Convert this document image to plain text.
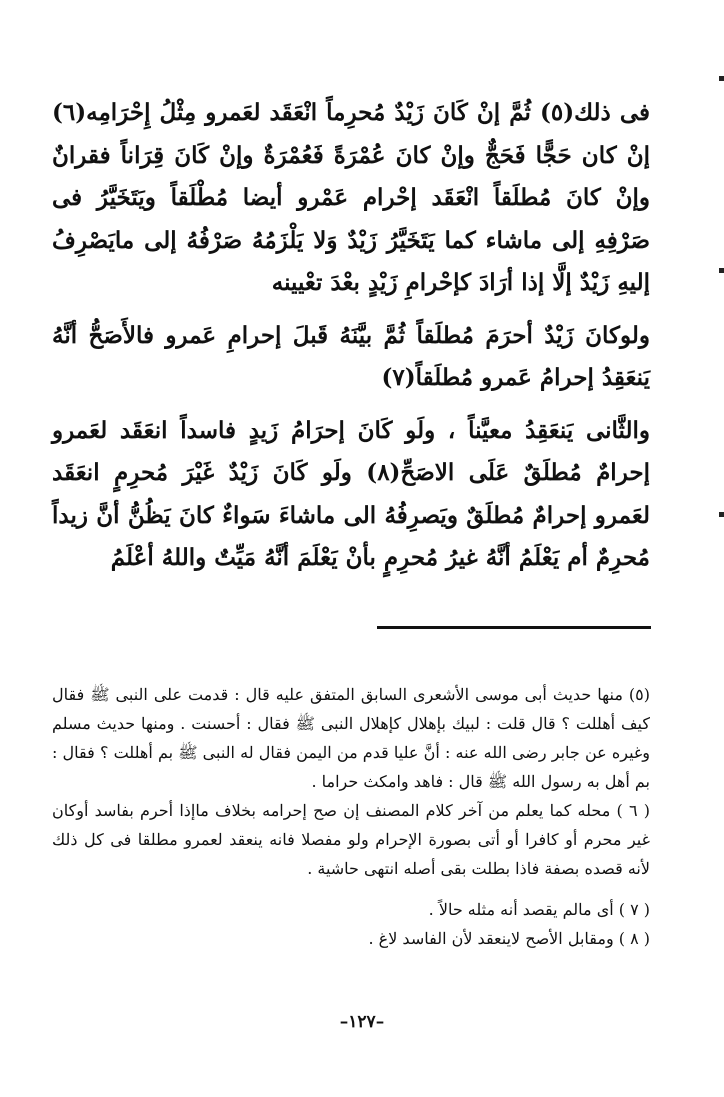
فى ذلك(٥) ثُمَّ إنْ كَانَ زَيْدٌ مُحرِماً انْعَقَد لعَمرو مِثْلُ إِحْرَامِه(٦) إنْ كان حَجًّا فَحَجٌّ وإنْ كانَ عُمْرَةً فَعُمْرَةٌ وإنْ كَانَ قِرَاناً فقرانٌ وإنْ كانَ مُطلَقاً انْعَقَد إحْرام عَمْرو أيضا مُطْلَقاً ويَتَخَيَّرُ فى صَرْفِهِ إلى ماشاء كما يَتَخَيَّرُ زَيْدٌ وَلا يَلْزَمُهُ صَرْفُهُ إلى مايَصْرِفُ إليهِ زَيْدٌ إلَّا إذا أرَادَ كإحْرامِ زَيْدٍ بعْدَ تعْيينه

ولوكانَ زَيْدٌ أحرَمَ مُطلَقاً ثُمَّ بيَّنَهُ قَبلَ إحرامِ عَمرو فالأَصَحُّ أنَّهُ يَنعَقِدُ إحرامُ عَمرو مُطلَقاً(٧)

والثَّانى يَنعَقِدُ معيَّناً ، ولَو كَانَ إحرَامُ زَيدٍ فاسداً انعَقَد لعَمرو إحرامٌ مُطلَقٌ عَلَى الاصَحِّ(٨) ولَو كَانَ زَيْدٌ غَيْرَ مُحرِمٍ انعَقَد لعَمرو إحرامٌ مُطلَقٌ ويَصرِفُهُ الى ماشاءَ سَواءٌ كانَ يَظُنُّ أنَّ زيداً مُحرِمٌ أم يَعْلَمُ أنَّهُ غيرُ مُحرِمٍ بأنْ يَعْلَمَ أنَّهُ مَيِّتٌ واللهُ أعْلَمُ

(٥) منها حديث أبى موسى الأشعرى السابق المتفق عليه قال : قدمت على النبى ﷺ فقال كيف أهللت ؟ قال قلت : لبيك بإهلال كإهلال النبى ﷺ فقال : أحسنت . ومنها حديث مسلم وغيره عن جابر رضى الله عنه : أنَّ عليا قدم من اليمن فقال له النبى ﷺ بم أهللت ؟ فقال : بم أهل به رسول الله ﷺ قال : فاهد وامكث حراما .

( ٦ ) محله كما يعلم من آخر كلام المصنف إن صح إحرامه بخلاف ماإذا أحرم بفاسد أوكان غير محرم أو كافرا أو أتى بصورة الإحرام ولو مفصلا فانه ينعقد لعمرو مطلقا فى كل ذلك لأنه قصده بصفة فاذا بطلت بقى أصله انتهى حاشية .

( ٧ ) أى مالم يقصد أنه مثله حالاً .

( ٨ ) ومقابل الأصح لاينعقد لأن الفاسد لاغ .

–١٢٧–
